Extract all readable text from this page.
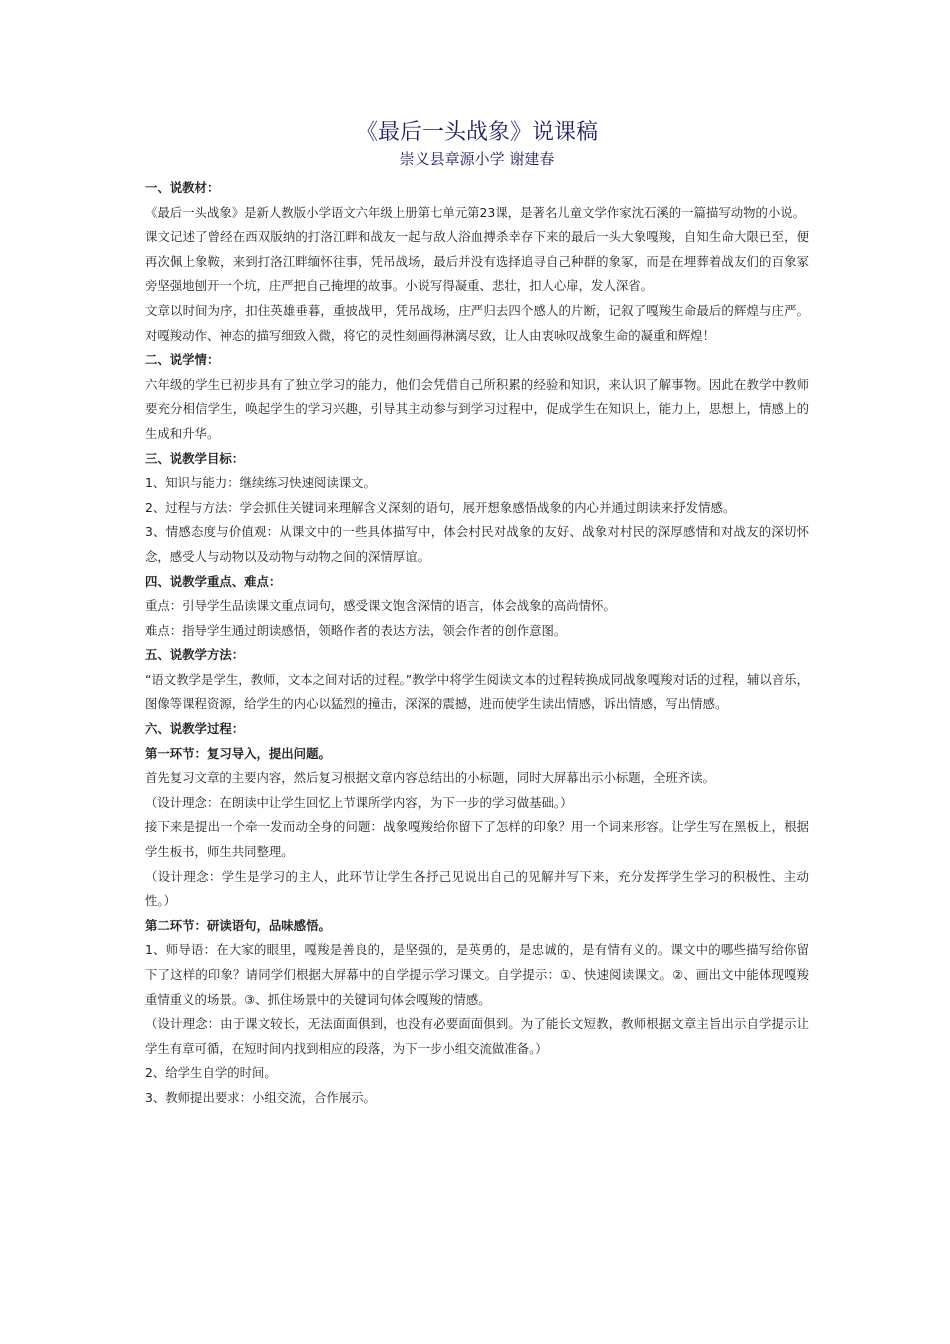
《最后一头战象》说课稿
崇义县章源小学 谢建春

一、说教材：

《最后一头战象》是新人教版小学语文六年级上册第七单元第23课，是著名儿童文学作家沈石溪的一篇描写动物的小说。

课文记述了曾经在西双版纳的打洛江畔和战友一起与敌人浴血搏杀幸存下来的最后一头大象嘎羧，自知生命大限已至，便再次佩上象鞍，来到打洛江畔缅怀往事，凭吊战场，最后并没有选择追寻自己种群的象冢，而是在埋葬着战友们的百象冢旁坚强地刨开一个坑，庄严把自己掩埋的故事。小说写得凝重、悲壮，扣人心扉，发人深省。

文章以时间为序，扣住英雄垂暮，重披战甲，凭吊战场，庄严归去四个感人的片断，记叙了嘎羧生命最后的辉煌与庄严。对嘎羧动作、神态的描写细致入微，将它的灵性刻画得淋漓尽致，让人由衷咏叹战象生命的凝重和辉煌！

二、说学情：

六年级的学生已初步具有了独立学习的能力，他们会凭借自己所积累的经验和知识，来认识了解事物。因此在教学中教师要充分相信学生，唤起学生的学习兴趣，引导其主动参与到学习过程中，促成学生在知识上，能力上，思想上，情感上的生成和升华。

三、说教学目标：

1、知识与能力：继续练习快速阅读课文。

2、过程与方法：学会抓住关键词来理解含义深刻的语句，展开想象感悟战象的内心并通过朗读来抒发情感。

3、情感态度与价值观：从课文中的一些具体描写中，体会村民对战象的友好、战象对村民的深厚感情和对战友的深切怀念，感受人与动物以及动物与动物之间的深情厚谊。

四、说教学重点、难点：

重点：引导学生品读课文重点词句，感受课文饱含深情的语言，体会战象的高尚情怀。

难点：指导学生通过朗读感悟，领略作者的表达方法，领会作者的创作意图。

五、说教学方法：

“语文教学是学生，教师，文本之间对话的过程。”教学中将学生阅读文本的过程转换成同战象嘎羧对话的过程，辅以音乐，图像等课程资源，给学生的内心以猛烈的撞击，深深的震撼，进而使学生读出情感，诉出情感，写出情感。

六、说教学过程：

第一环节：复习导入，提出问题。

首先复习文章的主要内容，然后复习根据文章内容总结出的小标题，同时大屏幕出示小标题，全班齐读。

（设计理念：在朗读中让学生回忆上节课所学内容，为下一步的学习做基础。）

接下来是提出一个牵一发而动全身的问题：战象嘎羧给你留下了怎样的印象？用一个词来形容。让学生写在黑板上，根据学生板书，师生共同整理。

（设计理念：学生是学习的主人，此环节让学生各抒己见说出自己的见解并写下来，充分发挥学生学习的积极性、主动性。）

第二环节：研读语句，品味感悟。

1、师导语：在大家的眼里，嘎羧是善良的，是坚强的，是英勇的，是忠诚的，是有情有义的。课文中的哪些描写给你留下了这样的印象？请同学们根据大屏幕中的自学提示学习课文。自学提示：①、快速阅读课文。②、画出文中能体现嘎羧重情重义的场景。③、抓住场景中的关键词句体会嘎羧的情感。

（设计理念：由于课文较长，无法面面俱到，也没有必要面面俱到。为了能长文短教，教师根据文章主旨出示自学提示让学生有章可循，在短时间内找到相应的段落，为下一步小组交流做准备。）

2、给学生自学的时间。

3、教师提出要求：小组交流，合作展示。
